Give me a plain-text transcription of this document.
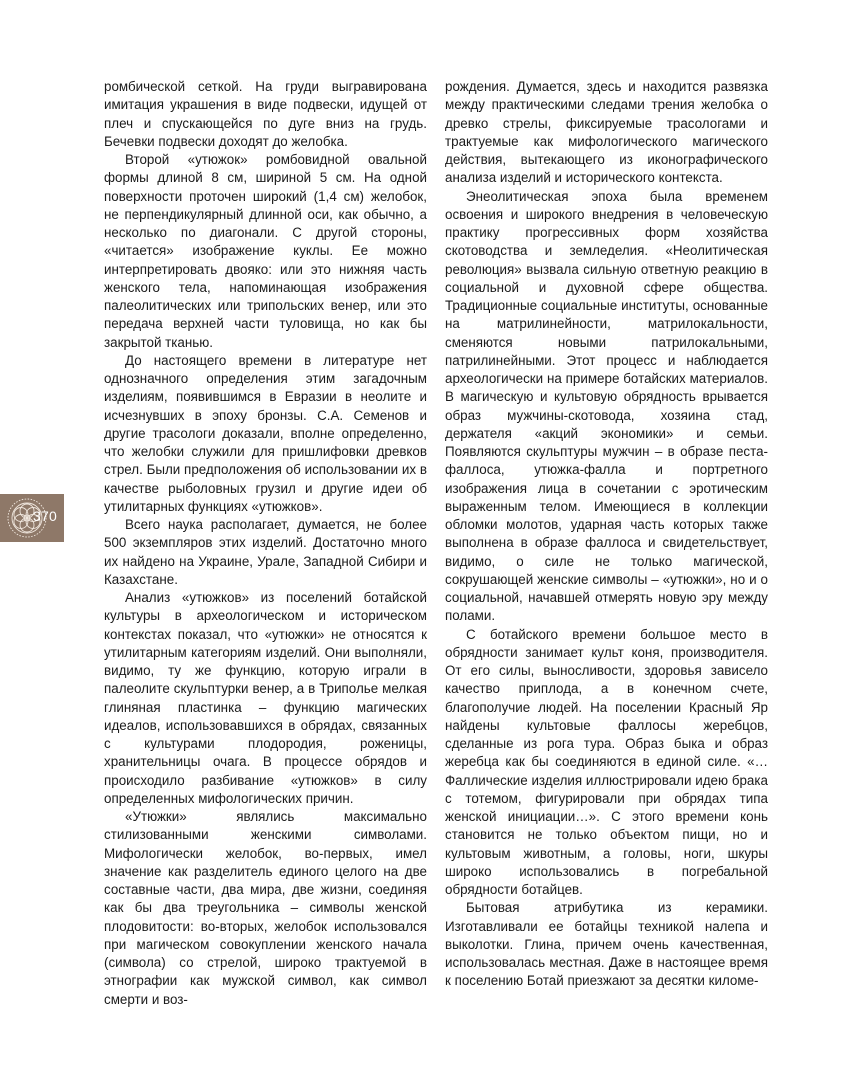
370

ромбической сеткой. На груди выгравирована имитация украшения в виде подвески, идущей от плеч и спускающейся по дуге вниз на грудь. Бечевки подвески доходят до желобка.

Второй «утюжок» ромбовидной овальной формы длиной 8 см, шириной 5 см. На одной поверхности проточен широкий (1,4 см) желобок, не перпендикулярный длинной оси, как обычно, а несколько по диагонали. С другой стороны, «читается» изображение куклы. Ее можно интерпретировать двояко: или это нижняя часть женского тела, напоминающая изображения палеолитических или трипольских венер, или это передача верхней части туловища, но как бы закрытой тканью.

До настоящего времени в литературе нет однозначного определения этим загадочным изделиям, появившимся в Евразии в неолите и исчезнувших в эпоху бронзы. С.А. Семенов и другие трасологи доказали, вполне определенно, что желобки служили для пришлифовки древков стрел. Были предположения об использовании их в качестве рыболовных грузил и другие идеи об утилитарных функциях «утюжков».

Всего наука располагает, думается, не более 500 экземпляров этих изделий. Достаточно много их найдено на Украине, Урале, Западной Сибири и Казахстане.

Анализ «утюжков» из поселений ботайской культуры в археологическом и историческом контекстах показал, что «утюжки» не относятся к утилитарным категориям изделий. Они выполняли, видимо, ту же функцию, которую играли в палеолите скульптурки венер, а в Триполье мелкая глиняная пластинка – функцию магических идеалов, использовавшихся в обрядах, связанных с культурами плодородия, роженицы, хранительницы очага. В процессе обрядов и происходило разбивание «утюжков» в силу определенных мифологических причин.

«Утюжки» являлись максимально стилизованными женскими символами. Мифологически желобок, во-первых, имел значение как разделитель единого целого на две составные части, два мира, две жизни, соединяя как бы два треугольника – символы женской плодовитости: во-вторых, желобок использовался при магическом совокуплении женского начала (символа) со стрелой, широко трактуемой в этнографии как мужской символ, как символ смерти и воз-

рождения. Думается, здесь и находится развязка между практическими следами трения желобка о древко стрелы, фиксируемые трасологами и трактуемые как мифологического магического действия, вытекающего из иконографического анализа изделий и исторического контекста.

Энеолитическая эпоха была временем освоения и широкого внедрения в человеческую практику прогрессивных форм хозяйства скотоводства и земледелия. «Неолитическая революция» вызвала сильную ответную реакцию в социальной и духовной сфере общества. Традиционные социальные институты, основанные на матрилинейности, матрилокальности, сменяются новыми патрилокальными, патрилинейными. Этот процесс и наблюдается археологически на примере ботайских материалов. В магическую и культовую обрядность врывается образ мужчины-скотовода, хозяина стад, держателя «акций экономики» и семьи. Появляются скульптуры мужчин – в образе песта-фаллоса, утюжка-фалла и портретного изображения лица в сочетании с эротическим выраженным телом. Имеющиеся в коллекции обломки молотов, ударная часть которых также выполнена в образе фаллоса и свидетельствует, видимо, о силе не только магической, сокрушающей женские символы – «утюжки», но и о социальной, начавшей отмерять новую эру между полами.

С ботайского времени большое место в обрядности занимает культ коня, производителя. От его силы, выносливости, здоровья зависело качество приплода, а в конечном счете, благополучие людей. На поселении Красный Яр найдены культовые фаллосы жеребцов, сделанные из рога тура. Образ быка и образ жеребца как бы соединяются в единой силе. «…Фаллические изделия иллюстрировали идею брака с тотемом, фигурировали при обрядах типа женской инициации…». С этого времени конь становится не только объектом пищи, но и культовым животным, а головы, ноги, шкуры широко использовались в погребальной обрядности ботайцев.

Бытовая атрибутика из керамики. Изготавливали ее ботайцы техникой налепа и выколотки. Глина, причем очень качественная, использовалась местная. Даже в настоящее время к поселению Ботай приезжают за десятки киломе-
